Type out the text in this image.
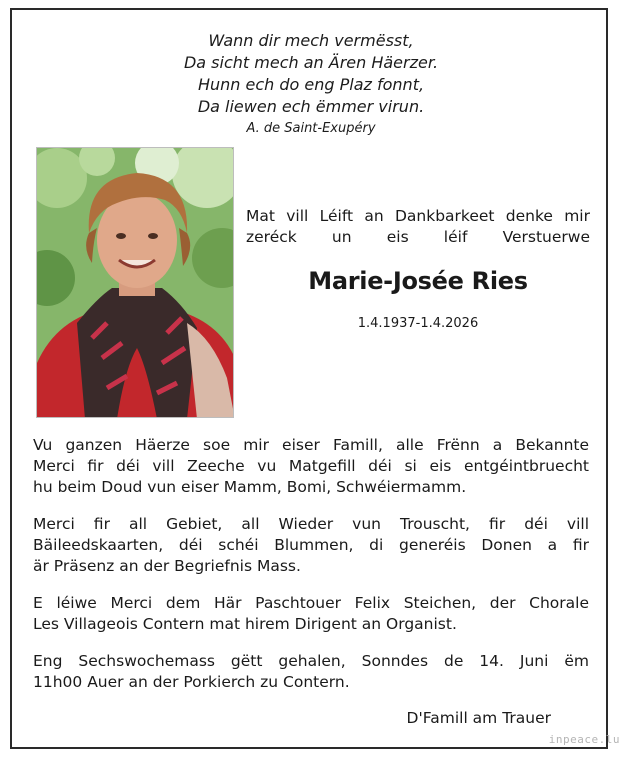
Wann dir mech vermësst,
Da sicht mech an Ären Häerzer.
Hunn ech do eng Plaz fonnt,
Da liewen ech ëmmer virun.
A. de Saint-Exupéry
Mat vill Léift an Dankbarkeet denke mir zeréck un eis léif Verstuerwe
Marie-Josée Ries
1.4.1937-1.4.2026
Vu ganzen Häerze soe mir eiser Famill, alle Frënn a Bekannte
Merci fir déi vill Zeeche vu Matgefill déi si eis entgéintbruecht
hu beim Doud vun eiser Mamm, Bomi, Schwéiermamm.
Merci fir all Gebiet, all Wieder vun Trouscht, fir déi vill
Bäileedskaarten, déi schéi Blummen, di generéis Donen a fir
är Präsenz an der Begriefnis Mass.
E léiwe Merci dem Här Paschtouer Felix Steichen, der Chorale
Les Villageois Contern mat hirem Dirigent an Organist.
Eng Sechswochemass gëtt gehalen, Sonndes de 14. Juni ëm
11h00 Auer an der Porkierch zu Contern.
D'Famill am Trauer
inpeace.lu
